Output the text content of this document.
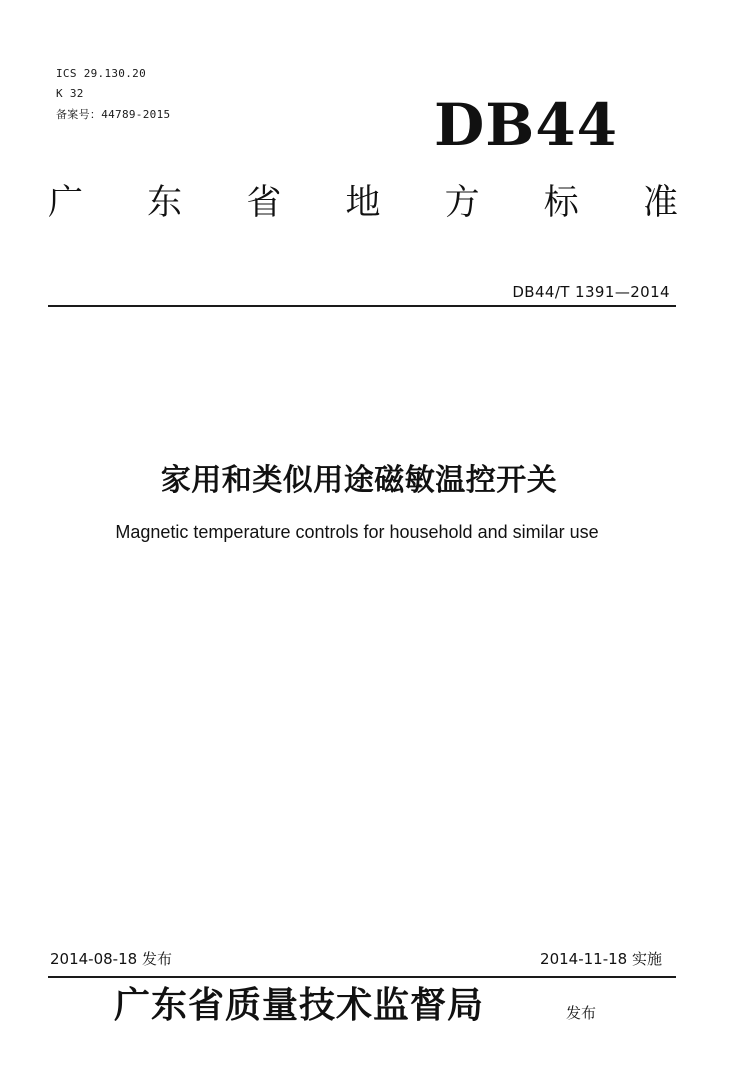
ICS 29.130.20
K 32
备案号：44789-2015	DB44
广 东 省 地 方 标 准
DB44/T 1391—2014
家用和类似用途磁敏温控开关
Magnetic temperature controls for household and similar use
2014-08-18 发布	2014-11-18 实施
广东省质量技术监督局	发布
